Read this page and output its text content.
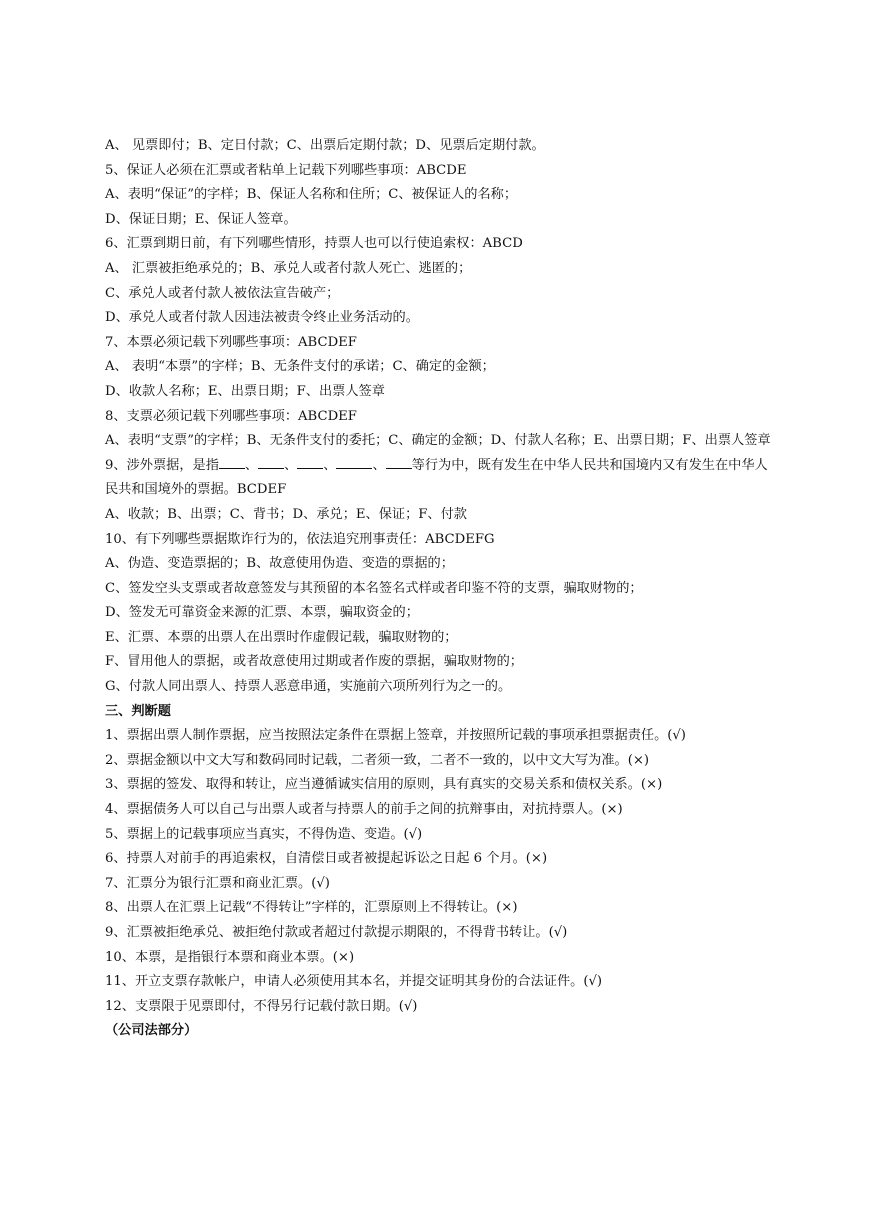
A、 见票即付；B、定日付款；C、出票后定期付款；D、见票后定期付款。
5、保证人必须在汇票或者粘单上记载下列哪些事项：ABCDE
A、表明“保证”的字样；B、保证人名称和住所；C、被保证人的名称；
D、保证日期；E、保证人签章。
6、汇票到期日前，有下列哪些情形，持票人也可以行使追索权：ABCD
A、 汇票被拒绝承兑的；B、承兑人或者付款人死亡、逃匿的；
C、承兑人或者付款人被依法宣告破产；
D、承兑人或者付款人因违法被责令终止业务活动的。
7、本票必须记载下列哪些事项：ABCDEF
A、 表明“本票”的字样；B、无条件支付的承诺；C、确定的金额；
D、收款人名称；E、出票日期；F、出票人签章
8、支票必须记载下列哪些事项：ABCDEF
A、表明“支票”的字样；B、无条件支付的委托；C、确定的金额；D、付款人名称；E、出票日期；F、出票人签章
9、涉外票据，是指 、 、 、	、 等行为中，既有发生在中华人民共和国境内又有发生在中华人民共和国境外的票据。BCDEF
A、收款；B、出票；C、背书；D、承兑；E、保证；F、付款
10、有下列哪些票据欺诈行为的，依法追究刑事责任：ABCDEFG
A、伪造、变造票据的；B、故意使用伪造、变造的票据的；
C、签发空头支票或者故意签发与其预留的本名签名式样或者印鉴不符的支票，骗取财物的；
D、签发无可靠资金来源的汇票、本票，骗取资金的；
E、汇票、本票的出票人在出票时作虚假记载，骗取财物的；
F、冒用他人的票据，或者故意使用过期或者作废的票据，骗取财物的；
G、付款人同出票人、持票人恶意串通，实施前六项所列行为之一的。
三、判断题
1、票据出票人制作票据，应当按照法定条件在票据上签章，并按照所记载的事项承担票据责任。(√)
2、票据金额以中文大写和数码同时记载，二者须一致，二者不一致的，以中文大写为准。(×)
3、票据的签发、取得和转让，应当遵循诚实信用的原则，具有真实的交易关系和债权关系。(×)
4、票据债务人可以自己与出票人或者与持票人的前手之间的抗辩事由，对抗持票人。(×)
5、票据上的记载事项应当真实，不得伪造、变造。(√)
6、持票人对前手的再追索权，自清偿日或者被提起诉讼之日起 6 个月。(×)
7、汇票分为银行汇票和商业汇票。(√)
8、出票人在汇票上记载“不得转让”字样的，汇票原则上不得转让。(×)
9、汇票被拒绝承兑、被拒绝付款或者超过付款提示期限的，不得背书转让。(√)
10、本票，是指银行本票和商业本票。(×)
11、开立支票存款帐户，申请人必须使用其本名，并提交证明其身份的合法证件。(√)
12、支票限于见票即付，不得另行记载付款日期。(√)
（公司法部分）
